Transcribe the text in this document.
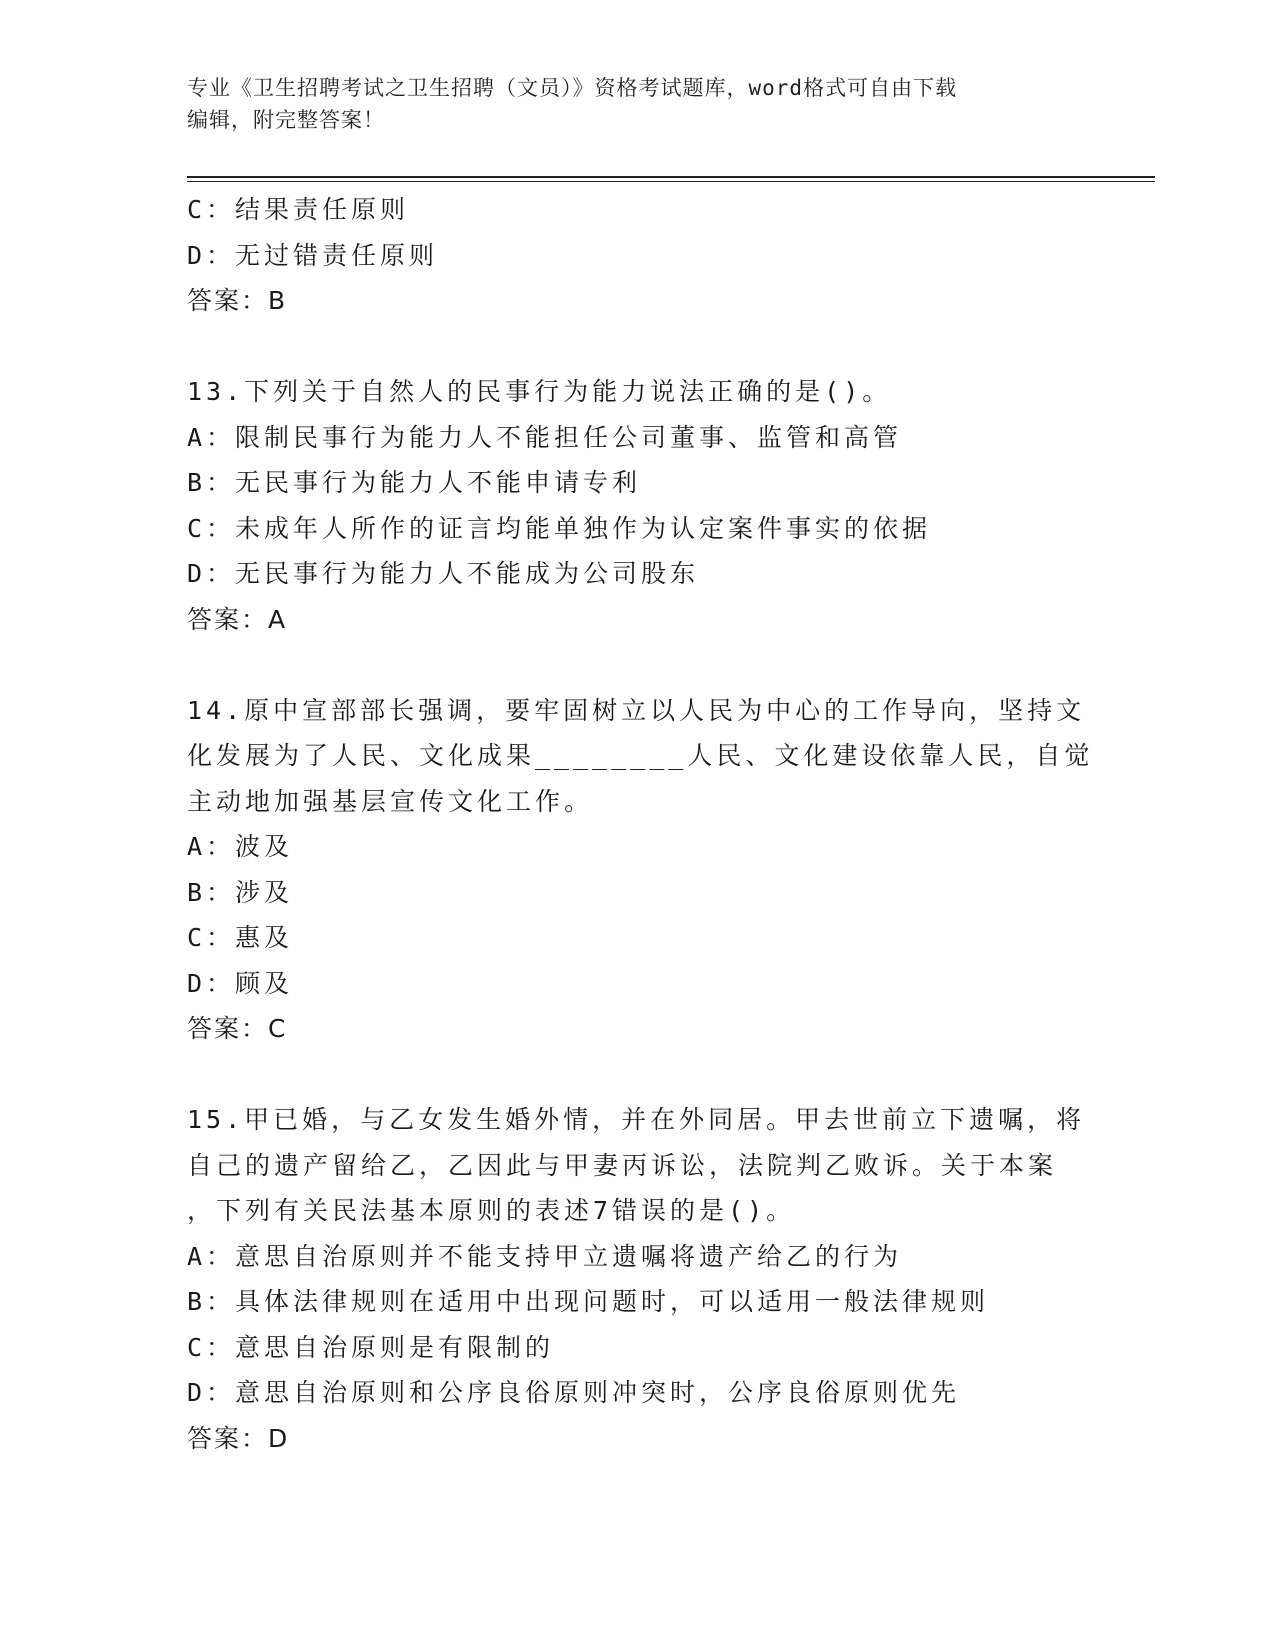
专业《卫生招聘考试之卫生招聘（文员）》资格考试题库，word格式可自由下载
编辑，附完整答案！
C：结果责任原则
D：无过错责任原则
答案：B
13.下列关于自然人的民事行为能力说法正确的是()。
A：限制民事行为能力人不能担任公司董事、监管和高管
B：无民事行为能力人不能申请专利
C：未成年人所作的证言均能单独作为认定案件事实的依据
D：无民事行为能力人不能成为公司股东
答案：A
14.原中宣部部长强调，要牢固树立以人民为中心的工作导向，坚持文
化发展为了人民、文化成果________人民、文化建设依靠人民，自觉
主动地加强基层宣传文化工作。
A：波及
B：涉及
C：惠及
D：顾及
答案：C
15.甲已婚，与乙女发生婚外情，并在外同居。甲去世前立下遗嘱，将
自己的遗产留给乙，乙因此与甲妻丙诉讼，法院判乙败诉。关于本案
，下列有关民法基本原则的表述7错误的是()。
A：意思自治原则并不能支持甲立遗嘱将遗产给乙的行为
B：具体法律规则在适用中出现问题时，可以适用一般法律规则
C：意思自治原则是有限制的
D：意思自治原则和公序良俗原则冲突时，公序良俗原则优先
答案：D
